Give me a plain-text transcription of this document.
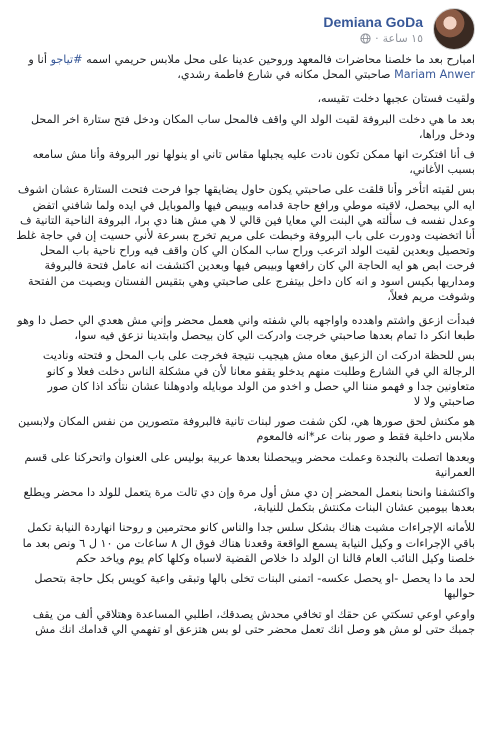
Demiana GoDa
١٥ ساعة
·

امبارح بعد ما خلصنا محاضرات فالمعهد وروحين عدينا على محل ملابس حريمي اسمه #تياجو أنا و Mariam Anwer صاحبتي المحل مكانه في شارع فاطمة رشدي،

ولقيت فستان عجبها دخلت تقيسه،

بعد ما هي دخلت البروفة لقيت الولد الي واقف فالمحل ساب المكان ودخل فتح ستارة اخر المحل ودخل وراها،

ف أنا افتكرت انها ممكن تكون نادت عليه يجبلها مقاس تاني او ينولها نور البروفة وأنا مش سامعه بسبب الأغاني،

بس لقيته اتأخر وأنا قلقت على صاحبتي يكون حاول يضايقها جوا فرحت فتحت الستارة عشان اشوف ايه الي بيحصل، لاقيته موطي ورافع حاجة قدامه وبيبص فيها والموبايل في ايده ولما شافني اتفض وعدل نفسه ف سألته هي البنت الي معايا فين قالي لا هي مش هنا دي برا، البروفة الناحية التانية ف أنا اتخضيت ودورت على باب البروفة وخبطت على مريم تخرج بسرعة لأني حسيت إن في حاجة غلط وتحصيل وبعدين لقيت الولد اترعب وراح ساب المكان الي كان واقف فيه وراح ناحية باب المحل فرحت ابص هو ايه الحاجة الي كان رافعها وبيبص فيها وبعدين اكتشفت انه عامل فتحة فالبروفة ومداريها بكيس اسود و انه كان داخل بيتفرج على صاحبتي وهي بتقيس الفستان وبصيت من الفتحة وشوفت مريم فعلاً،

فبدأت ازعق واشتم واهدده واواجهه بالي شفته واني هعمل محضر وإني مش هعدي الي حصل دا وهو طبعا انكر دا تمام بعدها صاحبتي خرجت وادركت الي كان بيحصل وابتدينا نزعق فيه سوا،

بس للحظة ادركت ان الزعيق معاه مش هيجيب نتيجة فخرجت على باب المحل و فتحته وناديت الرجالة الي في الشارع وطلبت منهم يدخلو يقفو معانا لأن في مشكلة الناس دخلت فعلا و كانو متعاونين جدا و فهمو مننا الي حصل و اخدو من الولد موبايله وادوهلنا عشان نتأكد اذا كان صور صاحبتي ولا لا

هو مكنش لحق صورها هي، لكن شفت صور لبنات تانية فالبروفة متصورين من نفس المكان ولابسين ملابس داخلية فقط و صور بنات عر*انه فالمعوم

وبعدها اتصلت بالنجدة وعملت محضر وبيحصلنا بعدها عربية بوليس على العنوان واتحركنا على قسم العمرانية

واكتشفنا وانحنا بنعمل المحضر إن دي مش أول مرة وإن دي تالت مرة يتعمل للولد دا محضر ويطلع بعدها بيومين عشان البنات مكنتش بتكمل للنيابة،

للأمانه الإجراءات مشيت هناك بشكل سلس جدا والناس كانو محترمين و روحنا انهاردة النيابة تكمل باقي الإجراءات و وكيل النيابة يسمع الواقعة وقعدنا هناك فوق ال ٨ ساعات من ١٠ ل ٦ ونص بعد ما خلصنا وكيل النائب العام قالنا ان الولد دا خلاص القضية لاسباه وكلها كام يوم وياخد حكم

لحد ما دا يحصل -او يحصل عكسه- اتمنى البنات تخلى بالها وتبقى واعية كويس بكل حاجة بتحصل حواليها

واوعي اوعي تسكتي عن حقك او تخافي محدش يصدقك، اطلبي المساعدة وهتلاقي ألف من يقف جمبك حتى لو مش هو وصل انك تعمل محضر حتى لو بس هتزعق او تفهمي الي قدامك انك مش
